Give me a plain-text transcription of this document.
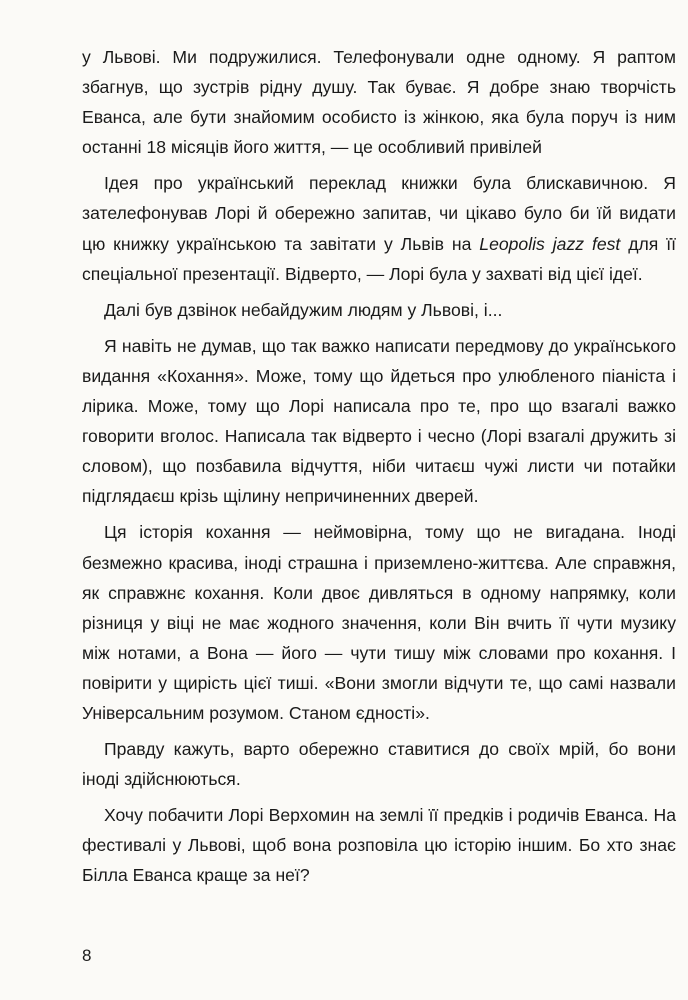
у Львові. Ми подружилися. Телефонували одне одному. Я раптом збагнув, що зустрів рідну душу. Так буває. Я добре знаю творчість Еванса, але бути знайомим особисто із жінкою, яка була поруч із ним останні 18 місяців його життя, — це особливий привілей

Ідея про український переклад книжки була блискавичною. Я зателефонував Лорі й обережно запитав, чи цікаво було би їй видати цю книжку українською та завітати у Львів на Leopolis jazz fest для її спеціальної презентації. Відверто, — Лорі була у захваті від цієї ідеї.

Далі був дзвінок небайдужим людям у Львові, і...

Я навіть не думав, що так важко написати передмову до українського видання «Кохання». Може, тому що йдеться про улюбленого піаніста і лірика. Може, тому що Лорі написала про те, про що взагалі важко говорити вголос. Написала так відверто і чесно (Лорі взагалі дружить зі словом), що позбавила відчуття, ніби читаєш чужі листи чи потайки підглядаєш крізь щілину непричиненних дверей.

Ця історія кохання — неймовірна, тому що не вигадана. Іноді безмежно красива, іноді страшна і приземлено-життєва. Але справжня, як справжнє кохання. Коли двоє дивляться в одному напрямку, коли різниця у віці не має жодного значення, коли Він вчить її чути музику між нотами, а Вона — його — чути тишу між словами про кохання. І повірити у щирість цієї тиші. «Вони змогли відчути те, що самі назвали Універсальним розумом. Станом єдності».

Правду кажуть, варто обережно ставитися до своїх мрій, бо вони іноді здійснюються.

Хочу побачити Лорі Верхомин на землі її предків і родичів Еванса. На фестивалі у Львові, щоб вона розповіла цю історію іншим. Бо хто знає Білла Еванса краще за неї?

8
